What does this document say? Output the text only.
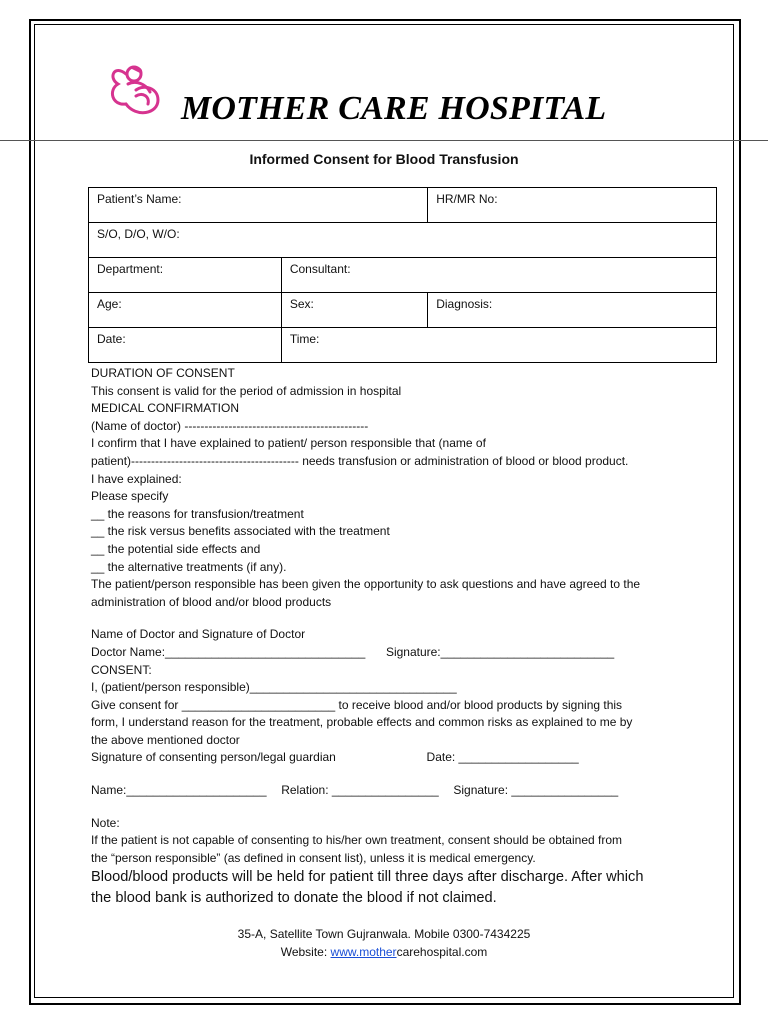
MOTHER CARE HOSPITAL
Informed Consent for Blood Transfusion
Patient’s Name:		HR/MR No:
S/O, D/O, W/O:		
Department:	Consultant:	
Age:	Sex:	Diagnosis:
Date:	Time:	
DURATION OF CONSENT
This consent is valid for the period of admission in hospital
MEDICAL CONFIRMATION
(Name of doctor) ----------------------------------------------
I confirm that I have explained to patient/ person responsible that (name of
patient)------------------------------------------ needs transfusion or administration of blood or blood product.
I have explained:
Please specify
__ the reasons for transfusion/treatment
__ the risk versus benefits associated with the treatment
__ the potential side effects and
__ the alternative treatments (if any).
The patient/person responsible has been given the opportunity to ask questions and have agreed to the
administration of blood and/or blood products
Name of Doctor and Signature of Doctor
Doctor Name:______________________________ Signature:__________________________
CONSENT:
I, (patient/person responsible)_______________________________
Give consent for _______________________ to receive blood and/or blood products by signing this
form, I understand reason for the treatment, probable effects and common risks as explained to me by
the above mentioned doctor
Signature of consenting person/legal guardian	Date: __________________
Name:_____________________ Relation: ________________ Signature: ________________
Note:
If the patient is not capable of consenting to his/her own treatment, consent should be obtained from
the “person responsible” (as defined in consent list), unless it is medical emergency.
Blood/blood products will be held for patient till three days after discharge. After which
the blood bank is authorized to donate the blood if not claimed.
35-A, Satellite Town Gujranwala. Mobile 0300-7434225
Website: www.mothercarehospital.com
